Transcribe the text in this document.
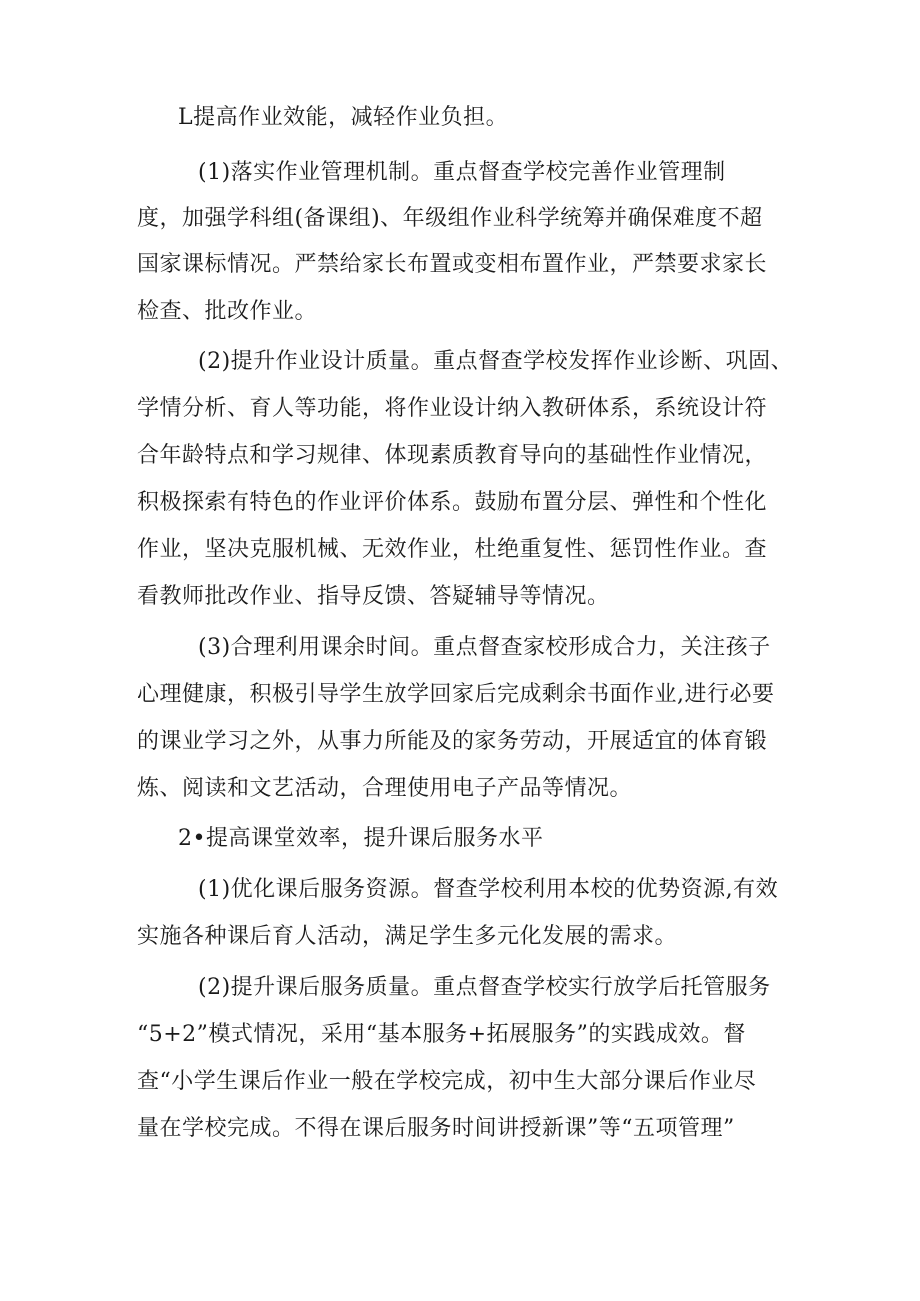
L提高作业效能，减轻作业负担。
(1)落实作业管理机制。重点督查学校完善作业管理制
度，加强学科组(备课组)、年级组作业科学统筹并确保难度不超
国家课标情况。严禁给家长布置或变相布置作业，严禁要求家长
检查、批改作业。
(2)提升作业设计质量。重点督查学校发挥作业诊断、巩固、
学情分析、育人等功能，将作业设计纳入教研体系，系统设计符
合年龄特点和学习规律、体现素质教育导向的基础性作业情况，
积极探索有特色的作业评价体系。鼓励布置分层、弹性和个性化
作业，坚决克服机械、无效作业，杜绝重复性、惩罚性作业。查
看教师批改作业、指导反馈、答疑辅导等情况。
(3)合理利用课余时间。重点督查家校形成合力，关注孩子
心理健康，积极引导学生放学回家后完成剩余书面作业,进行必要
的课业学习之外，从事力所能及的家务劳动，开展适宜的体育锻
炼、阅读和文艺活动，合理使用电子产品等情况。
2•提高课堂效率，提升课后服务水平
(1)优化课后服务资源。督查学校利用本校的优势资源,有效
实施各种课后育人活动，满足学生多元化发展的需求。
(2)提升课后服务质量。重点督查学校实行放学后托管服务
“5+2”模式情况，采用“基本服务+拓展服务”的实践成效。督
查“小学生课后作业一般在学校完成，初中生大部分课后作业尽
量在学校完成。不得在课后服务时间讲授新课”等“五项管理”
